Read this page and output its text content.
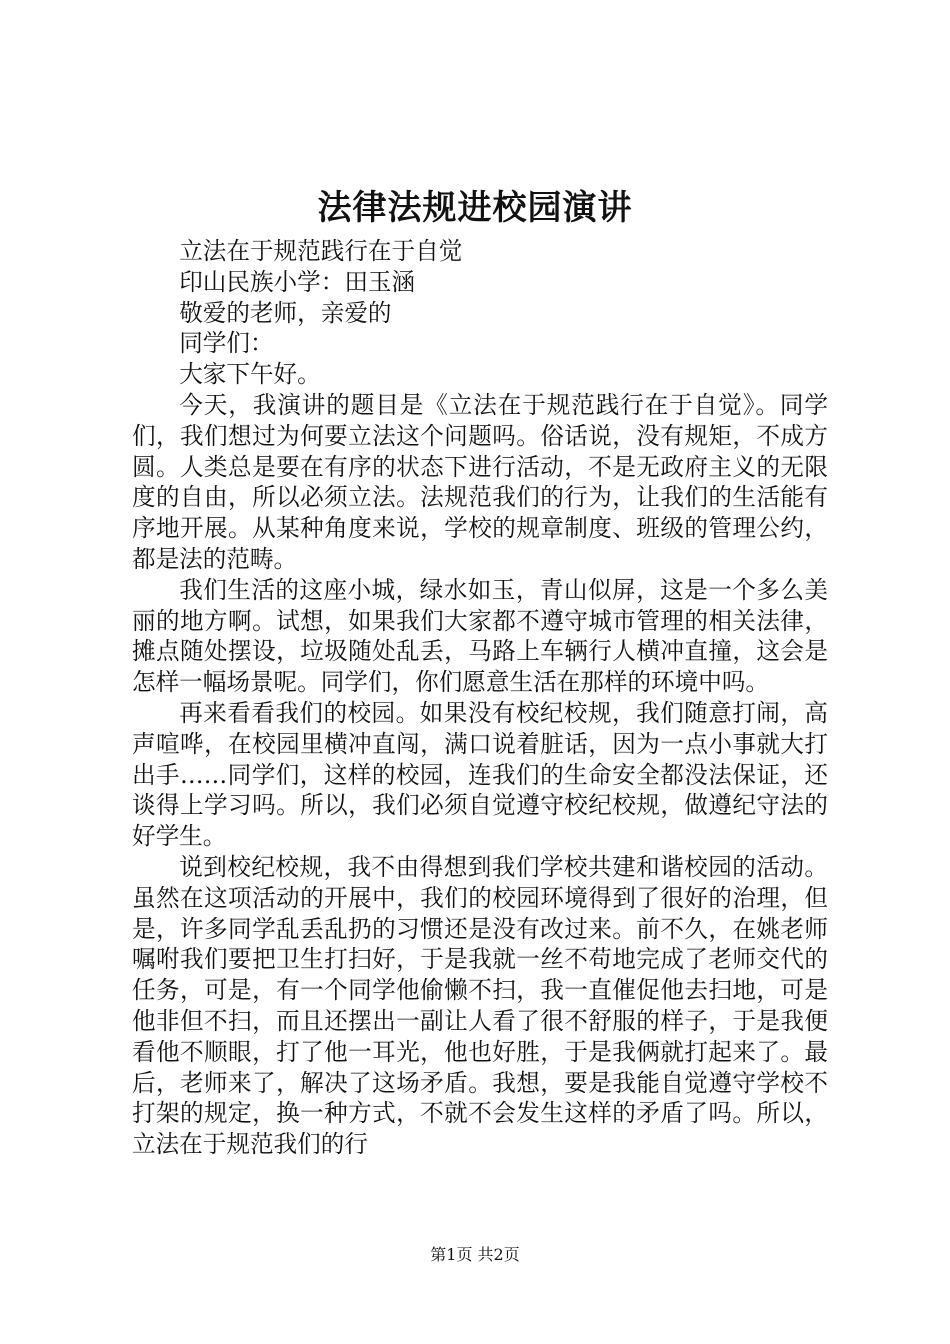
法律法规进校园演讲

立法在于规范践行在于自觉

印山民族小学：田玉涵

敬爱的老师，亲爱的

同学们：

大家下午好。

今天，我演讲的题目是《立法在于规范践行在于自觉》。同学们，我们想过为何要立法这个问题吗。俗话说，没有规矩，不成方圆。人类总是要在有序的状态下进行活动，不是无政府主义的无限度的自由，所以必须立法。法规范我们的行为，让我们的生活能有序地开展。从某种角度来说，学校的规章制度、班级的管理公约，都是法的范畴。

我们生活的这座小城，绿水如玉，青山似屏，这是一个多么美丽的地方啊。试想，如果我们大家都不遵守城市管理的相关法律，摊点随处摆设，垃圾随处乱丢，马路上车辆行人横冲直撞，这会是怎样一幅场景呢。同学们，你们愿意生活在那样的环境中吗。

再来看看我们的校园。如果没有校纪校规，我们随意打闹，高声喧哗，在校园里横冲直闯，满口说着脏话，因为一点小事就大打出手……同学们，这样的校园，连我们的生命安全都没法保证，还谈得上学习吗。所以，我们必须自觉遵守校纪校规，做遵纪守法的好学生。

说到校纪校规，我不由得想到我们学校共建和谐校园的活动。虽然在这项活动的开展中，我们的校园环境得到了很好的治理，但是，许多同学乱丢乱扔的习惯还是没有改过来。前不久，在姚老师嘱咐我们要把卫生打扫好，于是我就一丝不苟地完成了老师交代的任务，可是，有一个同学他偷懒不扫，我一直催促他去扫地，可是他非但不扫，而且还摆出一副让人看了很不舒服的样子，于是我便看他不顺眼，打了他一耳光，他也好胜，于是我俩就打起来了。最后，老师来了，解决了这场矛盾。我想，要是我能自觉遵守学校不打架的规定，换一种方式，不就不会发生这样的矛盾了吗。所以，立法在于规范我们的行

第1页 共2页
